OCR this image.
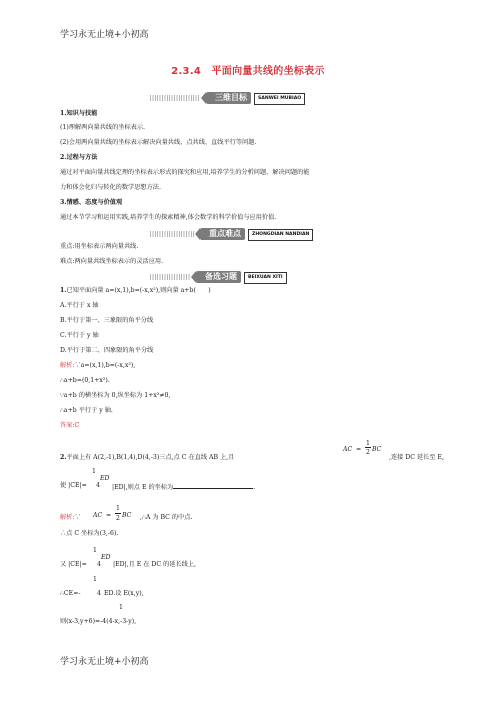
学习永无止境+小初高
2.3.4　平面向量共线的坐标表示
三维目标	SANWEI MUBIAO
1.知识与技能
(1)理解两向量共线的坐标表示.
(2)会用两向量共线的坐标表示解决向量共线、点共线、直线平行等问题.
2.过程与方法
通过对平面向量共线定理的坐标表示形式的探究和应用,培养学生的分析问题、解决问题的能
力和体会化归与转化的数学思想方法.
3.情感、态度与价值观
通过本节学习和运用实践,培养学生的探索精神,体会数学的科学价值与应用价值.
重点难点	ZHONGDIAN NANDIAN
重点:用坐标表示两向量共线.
难点:两向量共线坐标表示的灵活应用.
备选习题	BEIXUAN XITI
1.已知平面向量 a=(x,1),b=(-x,x²),则向量 a+b(　　)
A.平行于 x 轴
B.平行于第一、三象限的角平分线
C.平行于 y 轴
D.平行于第二、四象限的角平分线
解析:∵a=(x,1),b=(-x,x²),
∴a+b=(0,1+x²).
∵a+b 的横坐标为 0,纵坐标为 1+x²≠0,
∴a+b 平行于 y 轴.
答案:C
2.平面上有 A(2,-1),B(1,4),D(4,-3)三点,点 C 在直线 AB 上,且
AC =
1
2 BC
,连接 DC 延长至 E,
使 |CE|=
1
4
ED
|ED|,则点 E 的坐标为	.
解析:∵ AC =
1
2 BC ,∴A 为 BC 的中点.
∴点 C 坐标为(3,-6).
又 |CE|=
1
4
ED
|ED|,且 E 在 DC 的延长线上,
∴CE=-
1
4 ED.设 E(x,y),
1
则(x-3,y+6)=-4(4-x,-3-y),
学习永无止境+小初高
